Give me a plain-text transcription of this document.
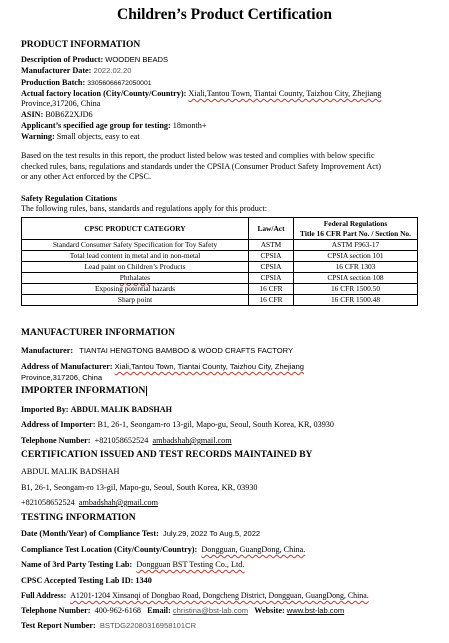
Children’s Product Certification
PRODUCT INFORMATION
Description of Product: WOODEN BEADS
Manufacturer Date: 2022.02.20
Production Batch: 33056066672050001
Actual factory location (City/County/Country): Xiali,Tantou Town, Tiantai County, Taizhou City, Zhejiang
Province,317206, China
ASIN: B0B6Z2XJD6
Applicant’s specified age group for testing: 18month+
Warning: Small objects, easy to eat
Based on the test results in this report, the product listed below was tested and complies with below specific
checked rules, bans, regulations and standards under the CPSIA (Consumer Product Safety Improvement Act)
or any other Act enforced by the CPSC.
Safety Regulation Citations
The following rules, bans, standards and regulations apply for this product:
CPSC PRODUCT CATEGORY	Law/Act	Federal Regulations
Title 16 CFR Part No. / Section No.

Standard Consumer Safety Specification for Toy Safety	ASTM	ASTM F963-17
Total lead content in metal and in non-metal	CPSIA	CPSIA section 101
Lead paint on Children’s Products	CPSIA	16 CFR 1303
Phthalates	CPSIA	CPSIA section 108
Exposing potential hazards	16 CFR	16 CFR 1500.50
Sharp point	16 CFR	16 CFR 1500.48
MANUFACTURER INFORMATION
Manufacturer: TIANTAI HENGTONG BAMBOO & WOOD CRAFTS FACTORY
Address of Manufacturer: Xiali,Tantou Town, Tiantai County, Taizhou City, Zhejiang
Province,317206, China
IMPORTER INFORMATION
Imported By: ABDUL MALIK BADSHAH
Address of Importer: B1, 26-1, Seongam-ro 13-gil, Mapo-gu, Seoul, South Korea, KR, 03930
Telephone Number: +821058652524 ambadshah@gmail.com
CERTIFICATION ISSUED AND TEST RECORDS MAINTAINED BY
ABDUL MALIK BADSHAH
B1, 26-1, Seongam-ro 13-gil, Mapo-gu, Seoul, South Korea, KR, 03930
+821058652524 ambadshah@gmail.com
TESTING INFORMATION
Date (Month/Year) of Compliance Test: July.29, 2022 To Aug.5, 2022
Compliance Test Location (City/County/Country): Dongguan, GuangDong, China.
Name of 3rd Party Testing Lab: Dongguan BST Testing Co., Ltd.
CPSC Accepted Testing Lab ID: 1340
Full Address: A1201-1204 Xinsanqi of Dongbao Road, Dongcheng District, Dongguan, GuangDong, China.
Telephone Number: 400-962-6168 Email: christina@bst-lab.com Website: www.bst-lab.com
Test Report Number: BSTDG22080316958101CR
